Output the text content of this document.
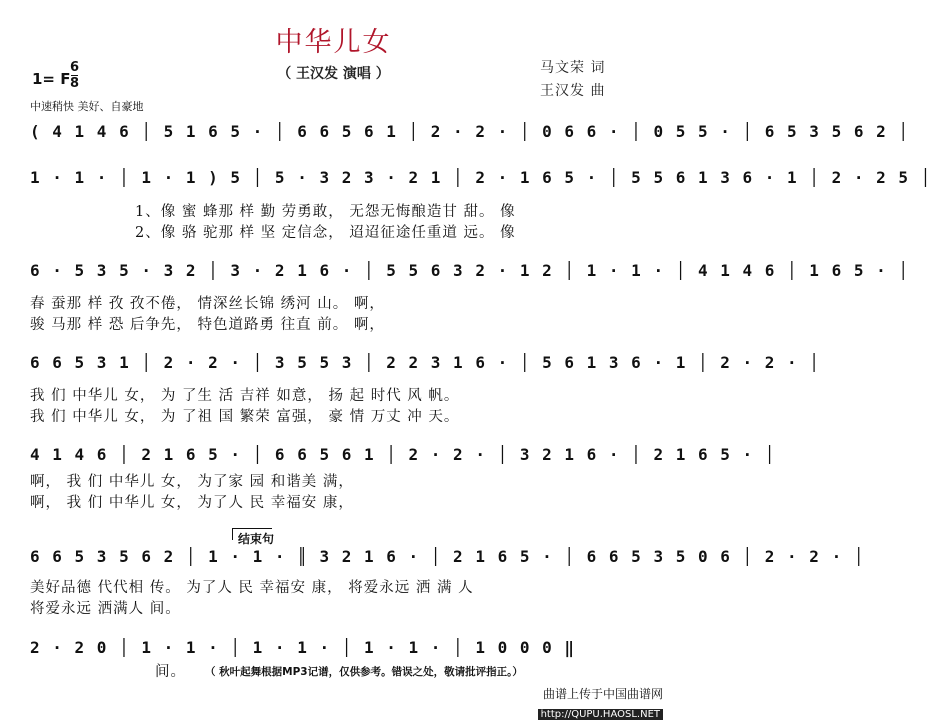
中华儿女
（ 王汉发 演唱 ）	马文荣 词
王汉发 曲
1= F
6
8
中速稍快 美好、自豪地
( 4 1 4 6 │ 5 1 6 5 · │ 6 6 5 6 1 │ 2 · 2 · │ 0 6 6 · │ 0 5 5 · │ 6 5 3 5 6 2 │
1 · 1 · │ 1 · 1 ) 5 │ 5 · 3 2 3 · 2 1 │ 2 · 1 6 5 · │ 5 5 6 1 3 6 · 1 │ 2 · 2 5 │
1、像 蜜 蜂那 样 勤 劳勇敢， 无怨无悔酿造甘 甜。 像
2、像 骆 驼那 样 坚 定信念， 迢迢征途任重道 远。 像
6 · 5 3 5 · 3 2 │ 3 · 2 1 6 · │ 5 5 6 3 2 · 1 2 │ 1 · 1 · │ 4 1 4 6 │ 1 6 5 · │
春 蚕那 样 孜 孜不倦， 情深丝长锦 绣河 山。 啊，
骏 马那 样 恐 后争先， 特色道路勇 往直 前。 啊，
6 6 5 3 1 │ 2 · 2 · │ 3 5 5 3 │ 2 2 3 1 6 · │ 5 6 1 3 6 · 1 │ 2 · 2 · │
我 们 中华儿 女， 为 了生 活 吉祥 如意， 扬 起 时代 风 帆。
我 们 中华儿 女， 为 了祖 国 繁荣 富强， 豪 情 万丈 冲 天。
4 1 4 6 │ 2 1 6 5 · │ 6 6 5 6 1 │ 2 · 2 · │ 3 2 1 6 · │ 2 1 6 5 · │
啊， 我 们 中华儿 女， 为了家 园 和谐美 满，
啊， 我 们 中华儿 女， 为了人 民 幸福安 康，
结束句
6 6 5 3 5 6 2 │ 1 · 1 · ║ 3 2 1 6 · │ 2 1 6 5 · │ 6 6 5 3 5 0 6 │ 2 · 2 · │
美好品德 代代相 传。 为了人 民 幸福安 康， 将爱永远 洒 满 人
将爱永远 洒满人 间。
2 · 2 0 │ 1 · 1 · │ 1 · 1 · │ 1 · 1 · │ 1 0 0 0 ‖
间。 （ 秋叶起舞根据MP3记谱，仅供参考。错误之处，敬请批评指正。）
曲谱上传于中国曲谱网
http://QUPU.HAOSL.NET
